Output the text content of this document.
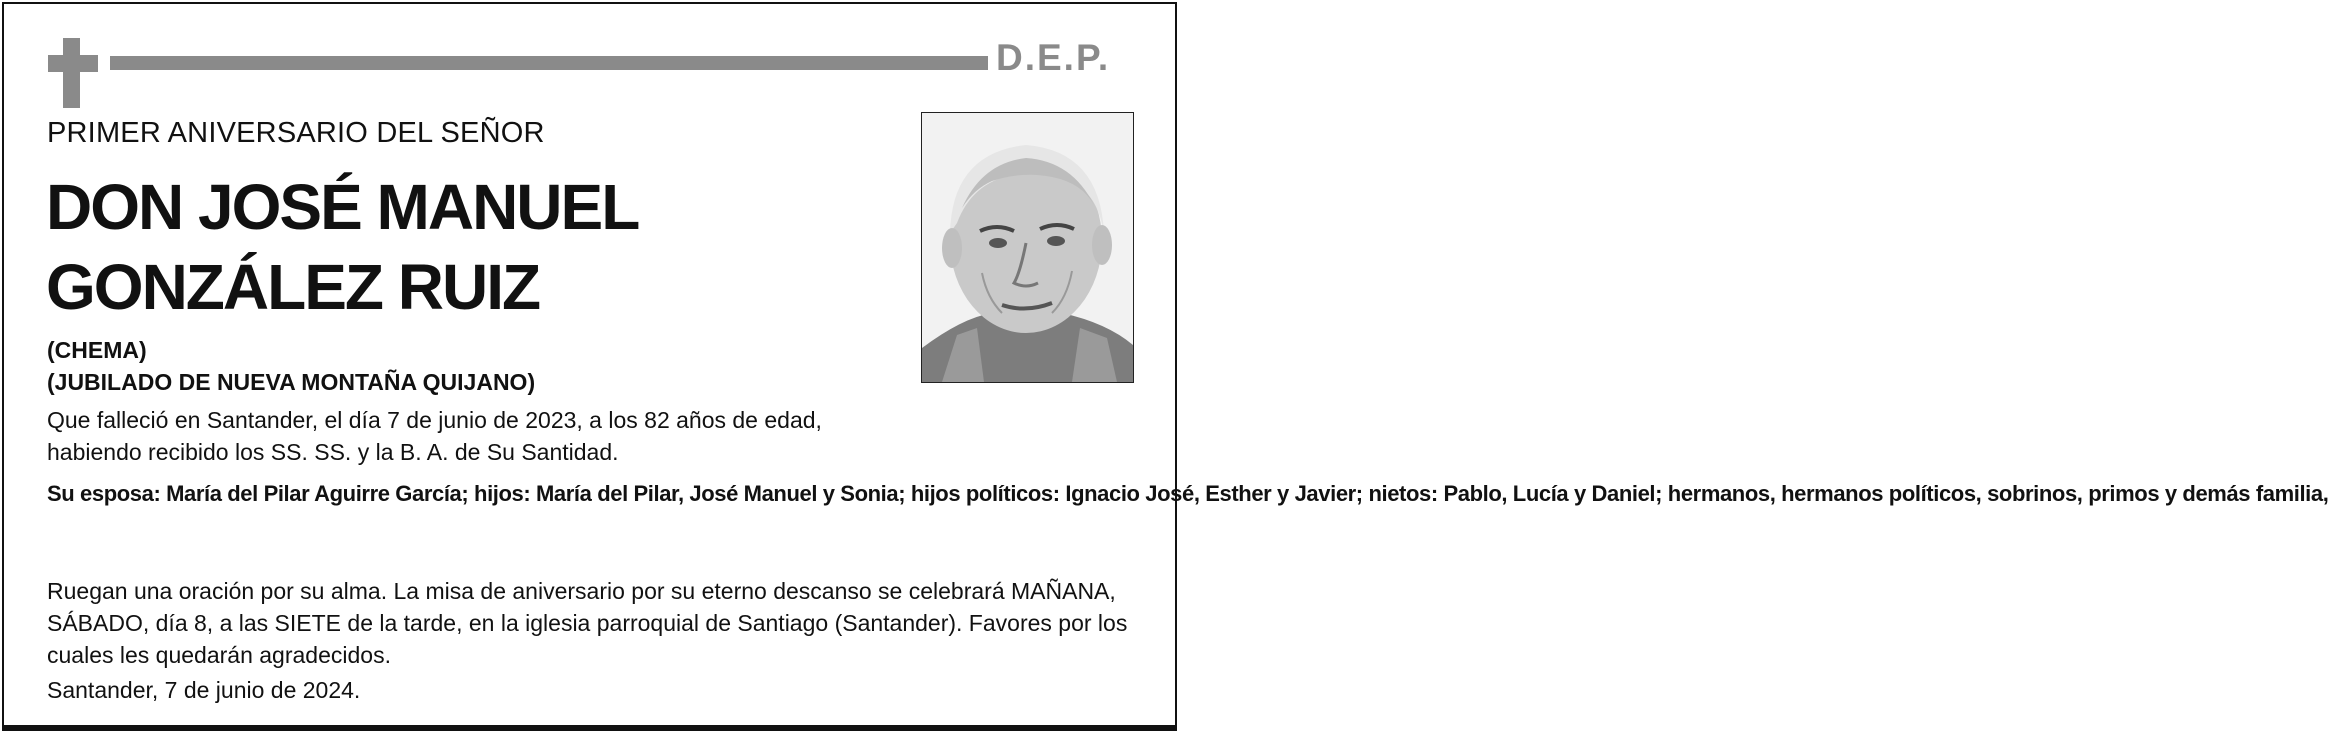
D.E.P.
PRIMER ANIVERSARIO DEL SEÑOR
DON JOSÉ MANUEL
GONZÁLEZ RUIZ
(CHEMA)
(JUBILADO DE NUEVA MONTAÑA QUIJANO)
Que falleció en Santander, el día 7 de junio de 2023, a los 82 años de edad, habiendo recibido los SS. SS. y la B. A. de Su Santidad.
Su esposa: María del Pilar Aguirre García; hijos: María del Pilar, José Manuel y Sonia; hijos políticos: Ignacio José, Esther y Javier; nietos: Pablo, Lucía y Daniel; hermanos, hermanos políticos, sobrinos, primos y demás familia,
Ruegan una oración por su alma. La misa de aniversario por su eterno descanso se celebrará MAÑANA, SÁBADO, día 8, a las SIETE de la tarde, en la iglesia parroquial de Santiago (Santander). Favores por los cuales les quedarán agradecidos.
Santander, 7 de junio de 2024.
